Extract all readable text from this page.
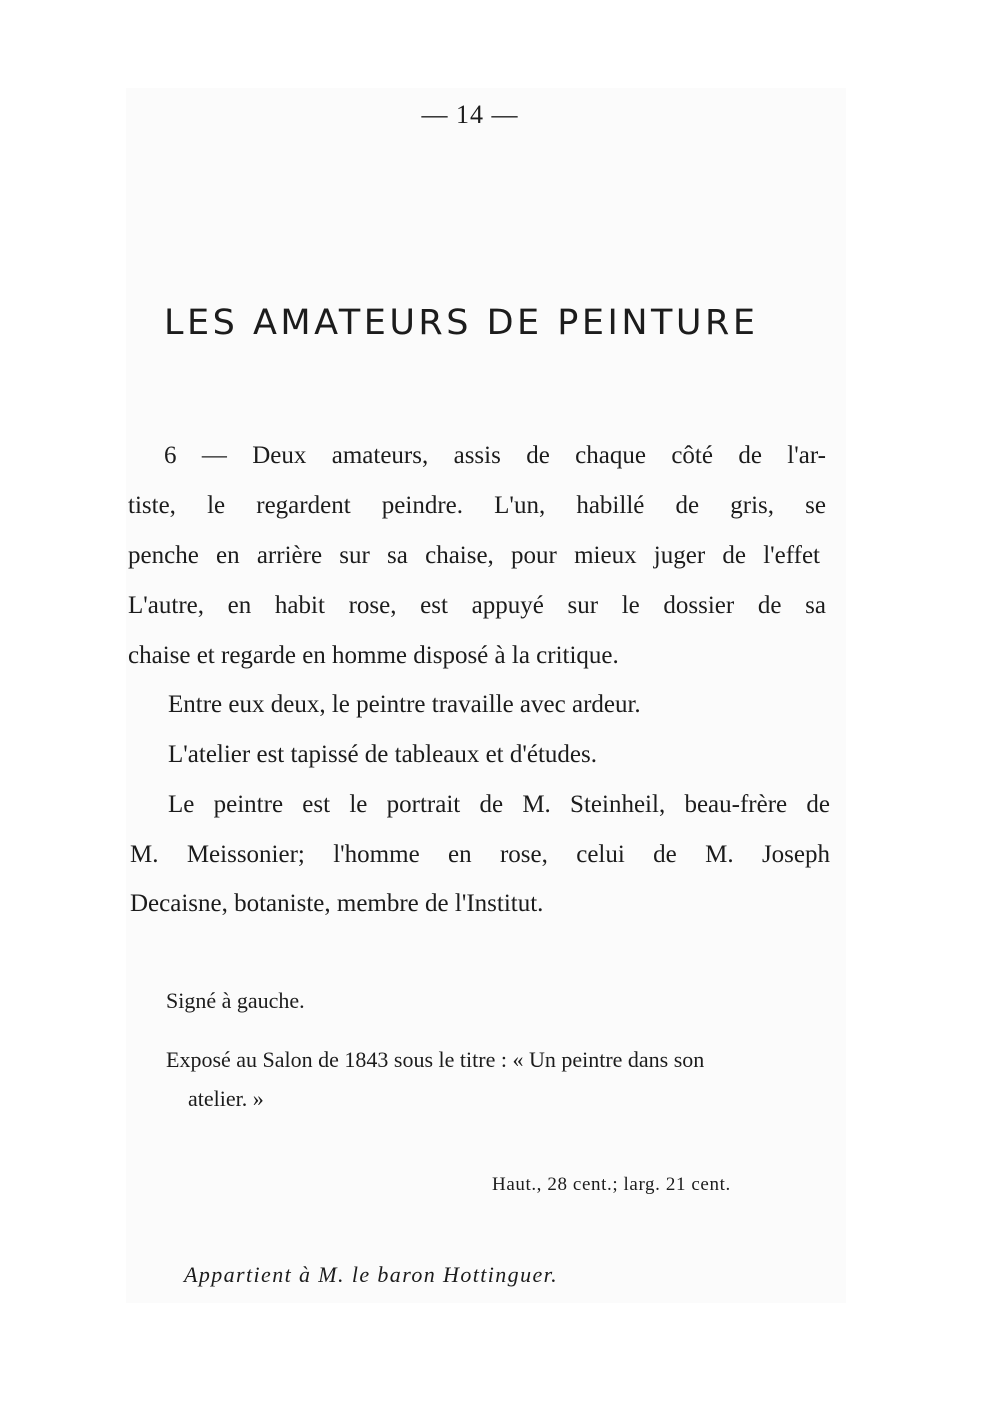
— 14 —
LES AMATEURS DE PEINTURE
6 — Deux amateurs, assis de chaque côté de l'ar-
tiste, le regardent peindre. L'un, habillé de gris, se
penche en arrière sur sa chaise, pour mieux juger de l'effet
L'autre, en habit rose, est appuyé sur le dossier de sa
chaise et regarde en homme disposé à la critique.
Entre eux deux, le peintre travaille avec ardeur.
L'atelier est tapissé de tableaux et d'études.
Le peintre est le portrait de M. Steinheil, beau-frère de
M. Meissonier; l'homme en rose, celui de M. Joseph
Decaisne, botaniste, membre de l'Institut.
Signé à gauche.
Exposé au Salon de 1843 sous le titre : « Un peintre dans son
atelier. »
Haut., 28 cent.; larg. 21 cent.
Appartient à M. le baron Hottinguer.
